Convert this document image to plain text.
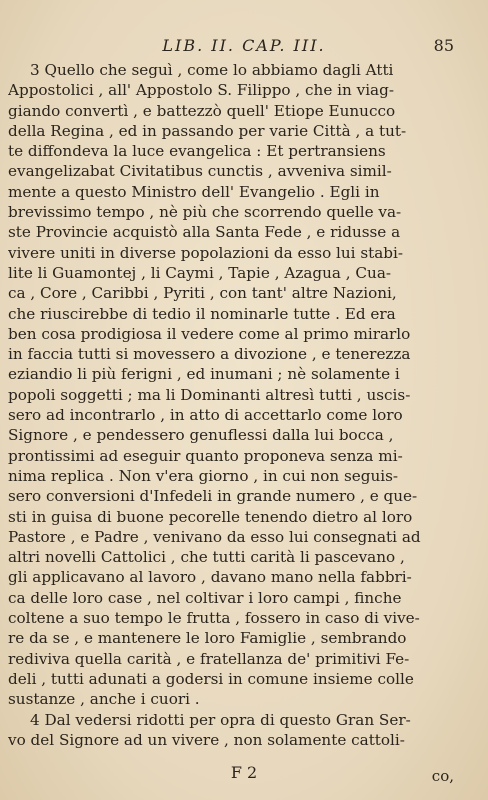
LIB. II. CAP. III.	85
3 Quello che seguì , come lo abbiamo dagli Atti
Appostolici , all' Appostolo S. Filippo , che in viag-
giando convertì , e battezzò quell' Etiope Eunucco
della Regina , ed in passando per varie Città , a tut-
te diffondeva la luce evangelica : Et pertransiens
evangelizabat Civitatibus cunctis , avveniva simil-
mente a questo Ministro dell' Evangelio . Egli in
brevissimo tempo , nè più che scorrendo quelle va-
ste Provincie acquistò alla Santa Fede , e ridusse a
vivere uniti in diverse popolazioni da esso lui stabi-
lite li Guamontej , li Caymi , Tapie , Azagua , Cua-
ca , Core , Caribbi , Pyriti , con tant' altre Nazioni,
che riuscirebbe di tedio il nominarle tutte . Ed era
ben cosa prodigiosa il vedere come al primo mirarlo
in faccia tutti si movessero a divozione , e tenerezza
eziandio li più ferigni , ed inumani ; nè solamente i
popoli soggetti ; ma li Dominanti altresì tutti , uscis-
sero ad incontrarlo , in atto di accettarlo come loro
Signore , e pendessero genuflessi dalla lui bocca ,
prontissimi ad eseguir quanto proponeva senza mi-
nima replica . Non v'era giorno , in cui non seguis-
sero conversioni d'Infedeli in grande numero , e que-
sti in guisa di buone pecorelle tenendo dietro al loro
Pastore , e Padre , venivano da esso lui consegnati ad
altri novelli Cattolici , che tutti carità li pascevano ,
gli applicavano al lavoro , davano mano nella fabbri-
ca delle loro case , nel coltivar i loro campi , finche
coltene a suo tempo le frutta , fossero in caso di vive-
re da se , e mantenere le loro Famiglie , sembrando
rediviva quella carità , e fratellanza de' primitivi Fe-
deli , tutti adunati a godersi in comune insieme colle
sustanze , anche i cuori .
4 Dal vedersi ridotti per opra di questo Gran Ser-
vo del Signore ad un vivere , non solamente cattoli-
F 2	co,
